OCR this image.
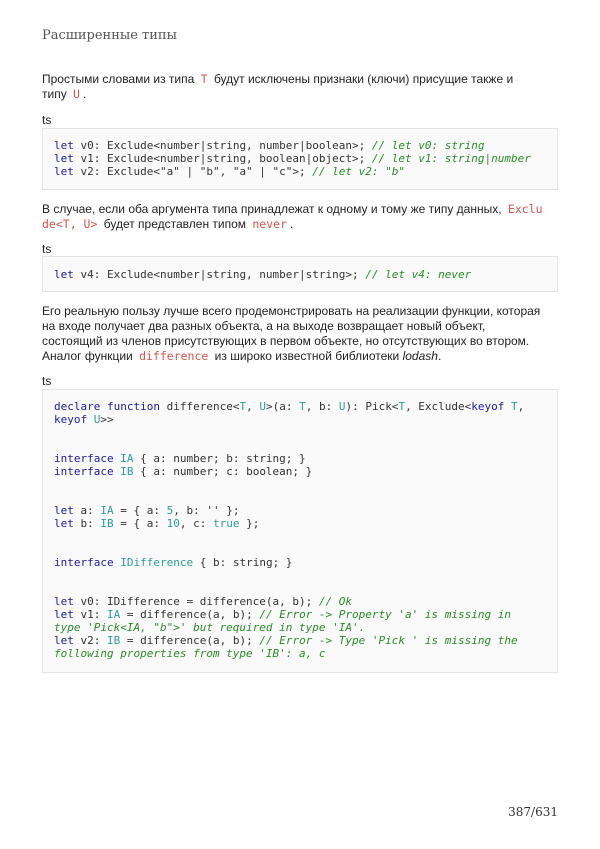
Расширенные типы
Простыми словами из типа T будут исключены признаки (ключи) присущие также и
типу U .
ts
let v0: Exclude<number|string, number|boolean>; // let v0: string
let v1: Exclude<number|string, boolean|object>; // let v1: string|number
let v2: Exclude<"a" | "b", "a" | "c">; // let v2: "b"
В случае, если оба аргумента типа принадлежат к одному и тому же типу данных, Exclu
de<T, U> будет представлен типом never .
ts
let v4: Exclude<number|string, number|string>; // let v4: never
Его реальную пользу лучше всего продемонстрировать на реализации функции, которая
на входе получает два разных объекта, а на выходе возвращает новый объект,
состоящий из членов присутствующих в первом объекте, но отсутствующих во втором.
Аналог функции difference из широко известной библиотеки lodash.
ts
declare function difference<T, U>(a: T, b: U): Pick<T, Exclude<keyof T,
keyof U>>

interface IA { a: number; b: string; }
interface IB { a: number; c: boolean; }

let a: IA = { a: 5, b: '' };
let b: IB = { a: 10, c: true };

interface IDifference { b: string; }

let v0: IDifference = difference(a, b); // Ok
let v1: IA = difference(a, b); // Error -> Property 'a' is missing in
type 'Pick<IA, "b">' but required in type 'IA'.
let v2: IB = difference(a, b); // Error -> Type 'Pick ' is missing the
following properties from type 'IB': a, c
387/631
